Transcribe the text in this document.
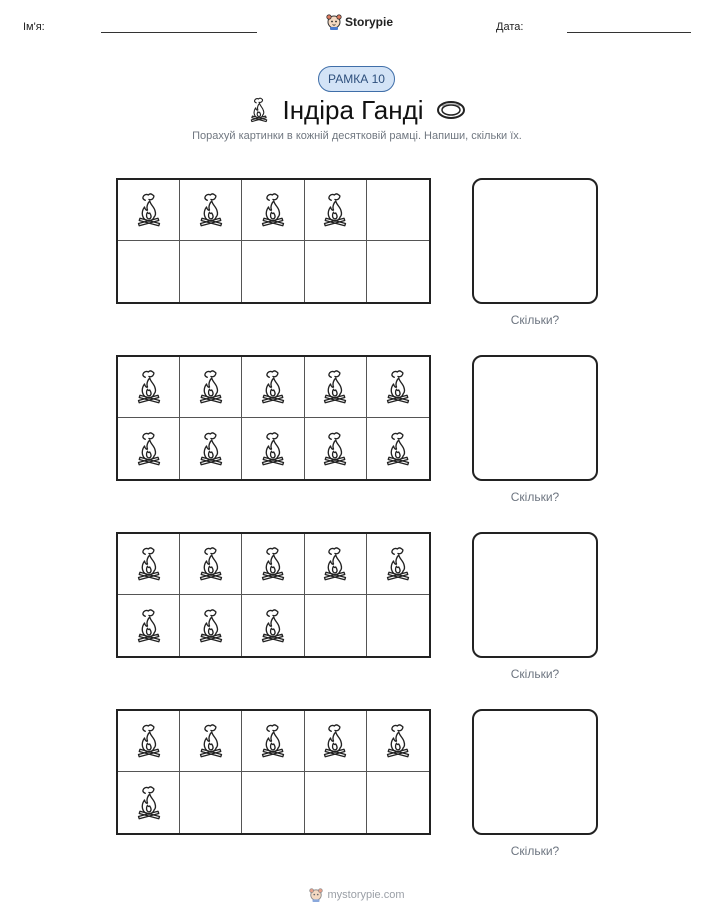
Ім'я:	Storypie	Дата:
РАМКА 10
Індіра Ганді
Порахуй картинки в кожній десятковій рамці. Напиши, скільки їх.
Скільки?
Скільки?
Скільки?
Скільки?
mystorypie.com
